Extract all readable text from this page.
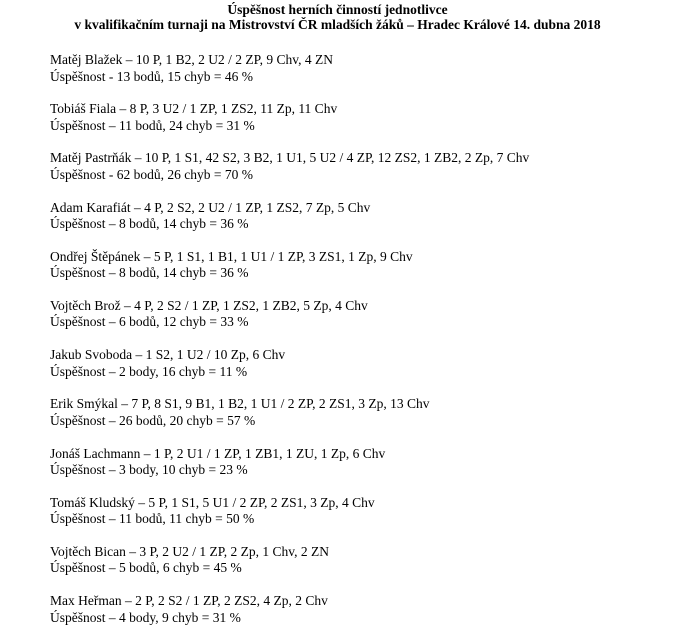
Úspěšnost herních činností jednotlivce
v kvalifikačním turnaji na Mistrovství ČR mladších žáků – Hradec Králové 14. dubna 2018
Matěj Blažek – 10 P, 1 B2, 2 U2 / 2 ZP, 9 Chv, 4 ZN
Úspěšnost - 13 bodů, 15 chyb = 46 %
Tobiáš Fiala – 8 P, 3 U2 / 1 ZP, 1 ZS2, 11 Zp, 11 Chv
Úspěšnost – 11 bodů, 24 chyb = 31 %
Matěj Pastrňák – 10 P, 1 S1, 42 S2, 3 B2, 1 U1, 5 U2 / 4 ZP, 12 ZS2, 1 ZB2, 2 Zp, 7 Chv
Úspěšnost - 62 bodů, 26 chyb = 70 %
Adam Karafiát – 4 P, 2 S2, 2 U2 / 1 ZP, 1 ZS2, 7 Zp, 5 Chv
Úspěšnost – 8 bodů, 14 chyb = 36 %
Ondřej Štěpánek – 5 P, 1 S1, 1 B1, 1 U1 / 1 ZP, 3 ZS1, 1 Zp, 9 Chv
Úspěšnost – 8 bodů, 14 chyb = 36 %
Vojtěch Brož – 4 P, 2 S2 / 1 ZP, 1 ZS2, 1 ZB2, 5 Zp, 4 Chv
Úspěšnost – 6 bodů, 12 chyb = 33 %
Jakub Svoboda – 1 S2, 1 U2 / 10 Zp, 6 Chv
Úspěšnost – 2 body, 16 chyb = 11 %
Erik Smýkal – 7 P, 8 S1, 9 B1, 1 B2, 1 U1 / 2 ZP, 2 ZS1, 3 Zp, 13 Chv
Úspěšnost – 26 bodů, 20 chyb = 57 %
Jonáš Lachmann – 1 P, 2 U1 / 1 ZP, 1 ZB1, 1 ZU, 1 Zp, 6 Chv
Úspěšnost – 3 body, 10 chyb = 23 %
Tomáš Kludský – 5 P, 1 S1, 5 U1 / 2 ZP, 2 ZS1, 3 Zp, 4 Chv
Úspěšnost – 11 bodů, 11 chyb = 50 %
Vojtěch Bican – 3 P, 2 U2 / 1 ZP, 2 Zp, 1 Chv, 2 ZN
Úspěšnost – 5 bodů, 6 chyb = 45 %
Max Heřman – 2 P, 2 S2 / 1 ZP, 2 ZS2, 4 Zp, 2 Chv
Úspěšnost – 4 body, 9 chyb = 31 %
